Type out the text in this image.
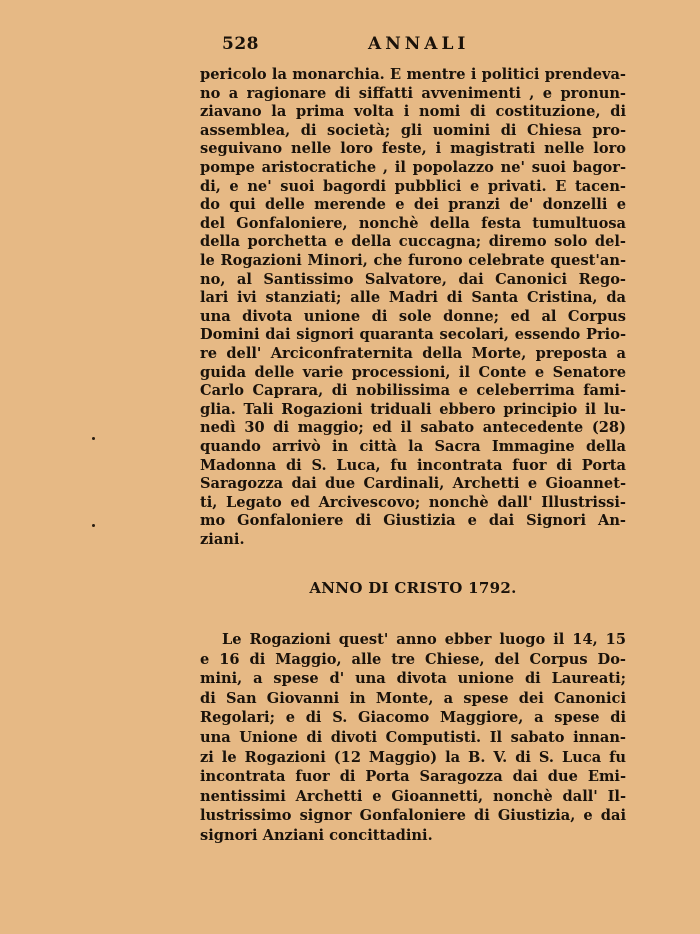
528	ANNALI
pericolo la monarchia. E mentre i politici prendeva-
no a ragionare di siffatti avvenimenti , e pronun-
ziavano la prima volta i nomi di costituzione, di
assemblea, di società; gli uomini di Chiesa pro-
seguivano nelle loro feste, i magistrati nelle loro
pompe aristocratiche , il popolazzo ne' suoi bagor-
di, e ne' suoi bagordi pubblici e privati. E tacen-
do qui delle merende e dei pranzi de' donzelli e
del Gonfaloniere, nonchè della festa tumultuosa
della porchetta e della cuccagna; diremo solo del-
le Rogazioni Minori, che furono celebrate quest'an-
no, al Santissimo Salvatore, dai Canonici Rego-
lari ivi stanziati; alle Madri di Santa Cristina, da
una divota unione di sole donne; ed al Corpus
Domini dai signori quaranta secolari, essendo Prio-
re dell' Arciconfraternita della Morte, preposta a
guida delle varie processioni, il Conte e Senatore
Carlo Caprara, di nobilissima e celeberrima fami-
glia. Tali Rogazioni triduali ebbero principio il lu-
nedì 30 di maggio; ed il sabato antecedente (28)
quando arrivò in città la Sacra Immagine della
Madonna di S. Luca, fu incontrata fuor di Porta
Saragozza dai due Cardinali, Archetti e Gioannet-
ti, Legato ed Arcivescovo; nonchè dall' Illustrissi-
mo Gonfaloniere di Giustizia e dai Signori An-
ziani.
ANNO DI CRISTO 1792.
Le Rogazioni quest' anno ebber luogo il 14, 15
e 16 di Maggio, alle tre Chiese, del Corpus Do-
mini, a spese d' una divota unione di Laureati;
di San Giovanni in Monte, a spese dei Canonici
Regolari; e di S. Giacomo Maggiore, a spese di
una Unione di divoti Computisti. Il sabato innan-
zi le Rogazioni (12 Maggio) la B. V. di S. Luca fu
incontrata fuor di Porta Saragozza dai due Emi-
nentissimi Archetti e Gioannetti, nonchè dall' Il-
lustrissimo signor Gonfaloniere di Giustizia, e dai
signori Anziani concittadini.
